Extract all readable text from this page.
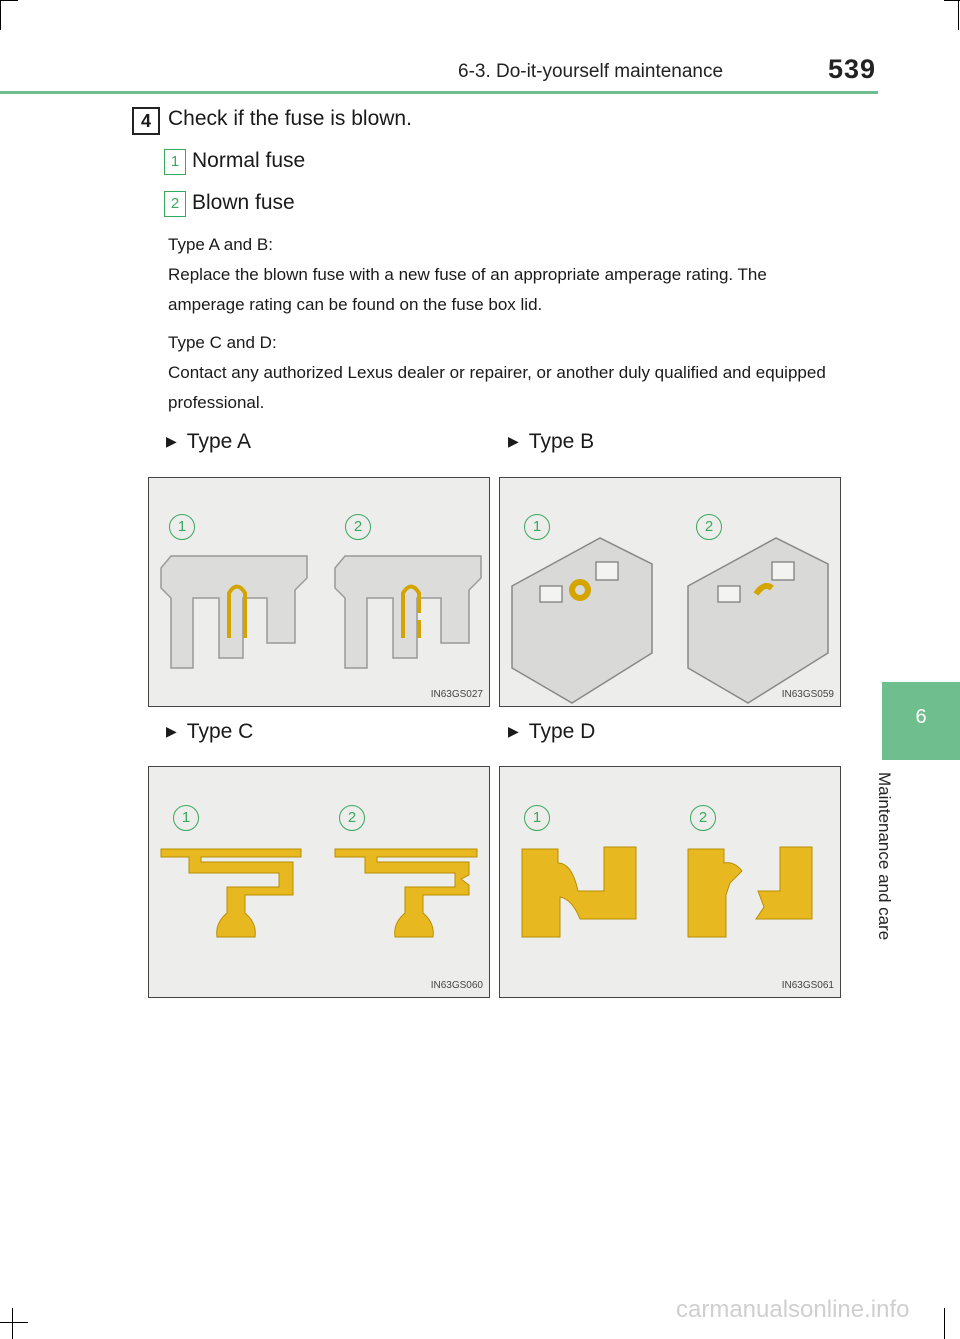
6-3. Do-it-yourself maintenance	539
6
Maintenance and care
4 Check if the fuse is blown.
1 Normal fuse
2 Blown fuse

Type A and B:

Replace the blown fuse with a new fuse of an appropriate amperage rating. The amperage rating can be found on the fuse box lid.

Type C and D:

Contact any authorized Lexus dealer or repairer, or another duly qualified and equipped professional.

▶ Type A	▶ Type B
▶ Type C	▶ Type D
1	2
IN63GS027
1	2
IN63GS059
1	2
IN63GS060
1	2
IN63GS061
carmanualsonline.info
